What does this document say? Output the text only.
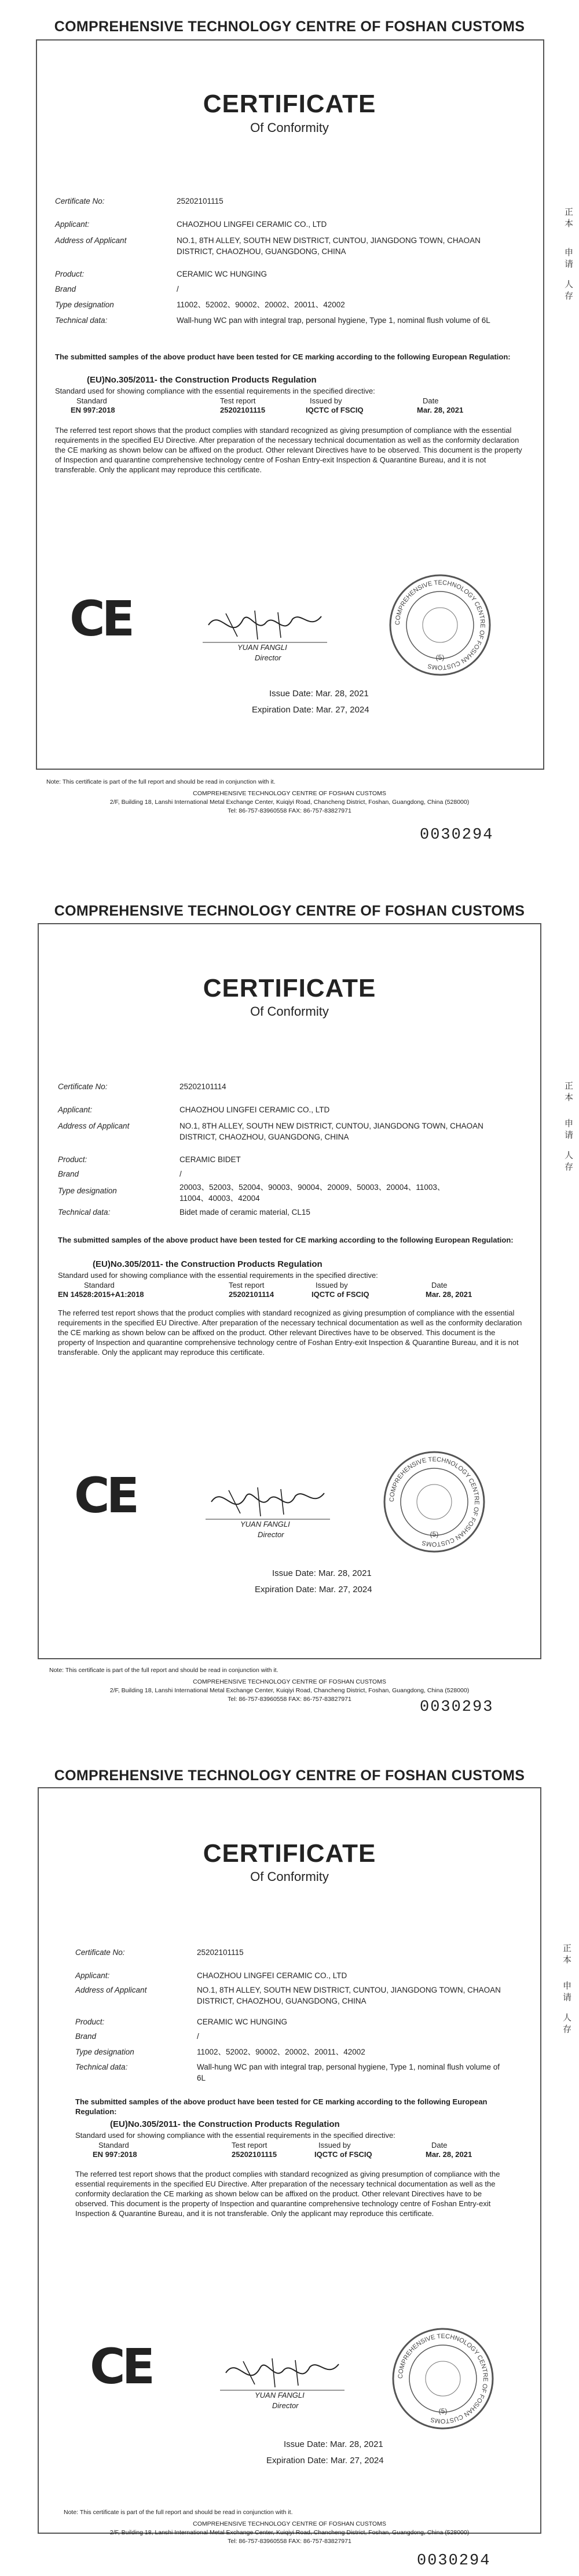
COMPREHENSIVE TECHNOLOGY CENTRE OF FOSHAN CUSTOMS
CERTIFICATE
Of Conformity
Certificate No:	25202101115
Applicant:	CHAOZHOU LINGFEI CERAMIC CO., LTD
Address of Applicant	NO.1, 8TH ALLEY, SOUTH NEW DISTRICT, CUNTOU, JIANGDONG TOWN, CHAOAN DISTRICT, CHAOZHOU, GUANGDONG, CHINA
Product:	CERAMIC WC HUNGING
Brand	/
Type designation	11002、52002、90002、20002、20011、42002
Technical data:	Wall-hung WC pan with integral trap, personal hygiene, Type 1, nominal flush volume of 6L
The submitted samples of the above product have been tested for CE marking according to the following European Regulation:
(EU)No.305/2011- the Construction Products Regulation
Standard used for showing compliance with the essential requirements in the specified directive:
Standard	Test report	Issued by	Date
EN 997:2018	25202101115	IQCTC of FSCIQ	Mar. 28, 2021
The referred test report shows that the product complies with standard recognized as giving presumption of compliance with the essential requirements in the specified EU Directive. After preparation of the necessary technical documentation as well as the conformity declaration the CE marking as shown below can be affixed on the product. Other relevant Directives have to be observed. This document is the property of Inspection and quarantine comprehensive technology centre of Foshan Entry-exit Inspection & Quarantine Bureau, and it is not transferable. Only the applicant may reproduce this certificate.
CE
YUAN FANGLI
Director
COMPREHENSIVE TECHNOLOGY CENTRE OF FOSHAN CUSTOMS
(5)
Issue Date: Mar. 28, 2021
Expiration Date: Mar. 27, 2024
Note: This certificate is part of the full report and should be read in conjunction with it.
COMPREHENSIVE TECHNOLOGY CENTRE OF FOSHAN CUSTOMS
2/F, Building 18, Lanshi International Metal Exchange Center, Kuiqiyi Road, Chancheng District, Foshan, Guangdong, China (528000)
Tel: 86-757-83960558 FAX: 86-757-83827971
0030294
正
本
申
请
人
存
COMPREHENSIVE TECHNOLOGY CENTRE OF FOSHAN CUSTOMS
CERTIFICATE
Of Conformity
Certificate No:	25202101114
Applicant:	CHAOZHOU LINGFEI CERAMIC CO., LTD
Address of Applicant	NO.1, 8TH ALLEY, SOUTH NEW DISTRICT, CUNTOU, JIANGDONG TOWN, CHAOAN DISTRICT, CHAOZHOU, GUANGDONG, CHINA
Product:	CERAMIC BIDET
Brand	/
Type designation	20003、52003、52004、90003、90004、20009、50003、20004、11003、11004、40003、42004
Technical data:	Bidet made of ceramic material, CL15
The submitted samples of the above product have been tested for CE marking according to the following European Regulation:
(EU)No.305/2011- the Construction Products Regulation
Standard used for showing compliance with the essential requirements in the specified directive:
Standard	Test report	Issued by	Date
EN 14528:2015+A1:2018	25202101114	IQCTC of FSCIQ	Mar. 28, 2021
The referred test report shows that the product complies with standard recognized as giving presumption of compliance with the essential requirements in the specified EU Directive. After preparation of the necessary technical documentation as well as the conformity declaration the CE marking as shown below can be affixed on the product. Other relevant Directives have to be observed. This document is the property of Inspection and quarantine comprehensive technology centre of Foshan Entry-exit Inspection & Quarantine Bureau, and it is not transferable. Only the applicant may reproduce this certificate.
CE
YUAN FANGLI
Director
COMPREHENSIVE TECHNOLOGY CENTRE OF FOSHAN CUSTOMS
(5)
Issue Date: Mar. 28, 2021
Expiration Date: Mar. 27, 2024
Note: This certificate is part of the full report and should be read in conjunction with it.
COMPREHENSIVE TECHNOLOGY CENTRE OF FOSHAN CUSTOMS
2/F, Building 18, Lanshi International Metal Exchange Center, Kuiqiyi Road, Chancheng District, Foshan, Guangdong, China (528000)
Tel: 86-757-83960558 FAX: 86-757-83827971	0030293
正
本
申
请
人
存
COMPREHENSIVE TECHNOLOGY CENTRE OF FOSHAN CUSTOMS
CERTIFICATE
Of Conformity
Certificate No:	25202101115
Applicant:	CHAOZHOU LINGFEI CERAMIC CO., LTD
Address of Applicant	NO.1, 8TH ALLEY, SOUTH NEW DISTRICT, CUNTOU, JIANGDONG TOWN, CHAOAN DISTRICT, CHAOZHOU, GUANGDONG, CHINA
Product:	CERAMIC WC HUNGING
Brand	/
Type designation	11002、52002、90002、20002、20011、42002
Technical data:	Wall-hung WC pan with integral trap, personal hygiene, Type 1, nominal flush volume of 6L
The submitted samples of the above product have been tested for CE marking according to the following European Regulation:
(EU)No.305/2011- the Construction Products Regulation
Standard used for showing compliance with the essential requirements in the specified directive:
Standard	Test report	Issued by	Date
EN 997:2018	25202101115	IQCTC of FSCIQ	Mar. 28, 2021
The referred test report shows that the product complies with standard recognized as giving presumption of compliance with the essential requirements in the specified EU Directive. After preparation of the necessary technical documentation as well as the conformity declaration the CE marking as shown below can be affixed on the product. Other relevant Directives have to be observed. This document is the property of Inspection and quarantine comprehensive technology centre of Foshan Entry-exit Inspection & Quarantine Bureau, and it is not transferable. Only the applicant may reproduce this certificate.
CE
YUAN FANGLI
Director
COMPREHENSIVE TECHNOLOGY CENTRE OF FOSHAN CUSTOMS
(5)
Issue Date: Mar. 28, 2021
Expiration Date: Mar. 27, 2024
Note: This certificate is part of the full report and should be read in conjunction with it.
COMPREHENSIVE TECHNOLOGY CENTRE OF FOSHAN CUSTOMS
2/F, Building 18, Lanshi International Metal Exchange Center, Kuiqiyi Road, Chancheng District, Foshan, Guangdong, China (528000)
Tel: 86-757-83960558 FAX: 86-757-83827971
0030294
正
本
申
请
人
存
